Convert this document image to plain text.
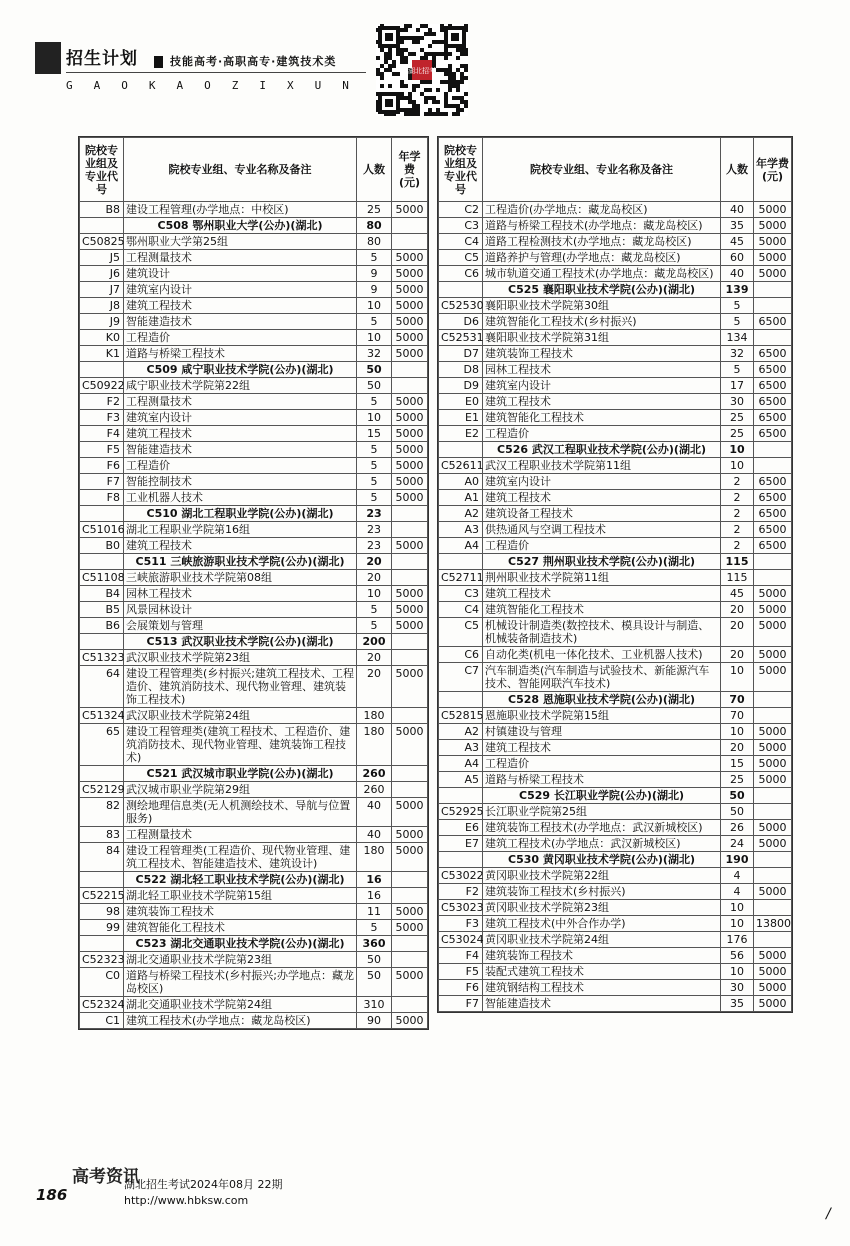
招生计划	技能高考·高职高专·建筑技术类
GAOKAOZIXUN
湖北招考
院校专业组及专业代号	院校专业组、专业名称及备注	人数	年学费(元)
B8	建设工程管理(办学地点：中校区)	25	5000
	C508 鄂州职业大学(公办)(湖北)	80	
C50825	鄂州职业大学第25组	80	
J5	工程测量技术	5	5000
J6	建筑设计	9	5000
J7	建筑室内设计	9	5000
J8	建筑工程技术	10	5000
J9	智能建造技术	5	5000
K0	工程造价	10	5000
K1	道路与桥梁工程技术	32	5000
	C509 咸宁职业技术学院(公办)(湖北)	50	
C50922	咸宁职业技术学院第22组	50	
F2	工程测量技术	5	5000
F3	建筑室内设计	10	5000
F4	建筑工程技术	15	5000
F5	智能建造技术	5	5000
F6	工程造价	5	5000
F7	智能控制技术	5	5000
F8	工业机器人技术	5	5000
	C510 湖北工程职业学院(公办)(湖北)	23	
C51016	湖北工程职业学院第16组	23	
B0	建筑工程技术	23	5000
	C511 三峡旅游职业技术学院(公办)(湖北)	20	
C51108	三峡旅游职业技术学院第08组	20	
B4	园林工程技术	10	5000
B5	风景园林设计	5	5000
B6	会展策划与管理	5	5000
	C513 武汉职业技术学院(公办)(湖北)	200	
C51323	武汉职业技术学院第23组	20	
64	建设工程管理类(乡村振兴;建筑工程技术、工程造价、建筑消防技术、现代物业管理、建筑装饰工程技术)	20	5000
C51324	武汉职业技术学院第24组	180	
65	建设工程管理类(建筑工程技术、工程造价、建筑消防技术、现代物业管理、建筑装饰工程技术)	180	5000
	C521 武汉城市职业学院(公办)(湖北)	260	
C52129	武汉城市职业学院第29组	260	
82	测绘地理信息类(无人机测绘技术、导航与位置服务)	40	5000
83	工程测量技术	40	5000
84	建设工程管理类(工程造价、现代物业管理、建筑工程技术、智能建造技术、建筑设计)	180	5000
	C522 湖北轻工职业技术学院(公办)(湖北)	16	
C52215	湖北轻工职业技术学院第15组	16	
98	建筑装饰工程技术	11	5000
99	建筑智能化工程技术	5	5000
	C523 湖北交通职业技术学院(公办)(湖北)	360	
C52323	湖北交通职业技术学院第23组	50	
C0	道路与桥梁工程技术(乡村振兴;办学地点：藏龙岛校区)	50	5000
C52324	湖北交通职业技术学院第24组	310	
C1	建筑工程技术(办学地点：藏龙岛校区)	90	5000
院校专业组及专业代号	院校专业组、专业名称及备注	人数	年学费(元)
C2	工程造价(办学地点：藏龙岛校区)	40	5000
C3	道路与桥梁工程技术(办学地点：藏龙岛校区)	35	5000
C4	道路工程检测技术(办学地点：藏龙岛校区)	45	5000
C5	道路养护与管理(办学地点：藏龙岛校区)	60	5000
C6	城市轨道交通工程技术(办学地点：藏龙岛校区)	40	5000
	C525 襄阳职业技术学院(公办)(湖北)	139	
C52530	襄阳职业技术学院第30组	5	
D6	建筑智能化工程技术(乡村振兴)	5	6500
C52531	襄阳职业技术学院第31组	134	
D7	建筑装饰工程技术	32	6500
D8	园林工程技术	5	6500
D9	建筑室内设计	17	6500
E0	建筑工程技术	30	6500
E1	建筑智能化工程技术	25	6500
E2	工程造价	25	6500
	C526 武汉工程职业技术学院(公办)(湖北)	10	
C52611	武汉工程职业技术学院第11组	10	
A0	建筑室内设计	2	6500
A1	建筑工程技术	2	6500
A2	建筑设备工程技术	2	6500
A3	供热通风与空调工程技术	2	6500
A4	工程造价	2	6500
	C527 荆州职业技术学院(公办)(湖北)	115	
C52711	荆州职业技术学院第11组	115	
C3	建筑工程技术	45	5000
C4	建筑智能化工程技术	20	5000
C5	机械设计制造类(数控技术、模具设计与制造、机械装备制造技术)	20	5000
C6	自动化类(机电一体化技术、工业机器人技术)	20	5000
C7	汽车制造类(汽车制造与试验技术、新能源汽车技术、智能网联汽车技术)	10	5000
	C528 恩施职业技术学院(公办)(湖北)	70	
C52815	恩施职业技术学院第15组	70	
A2	村镇建设与管理	10	5000
A3	建筑工程技术	20	5000
A4	工程造价	15	5000
A5	道路与桥梁工程技术	25	5000
	C529 长江职业学院(公办)(湖北)	50	
C52925	长江职业学院第25组	50	
E6	建筑装饰工程技术(办学地点：武汉新城校区)	26	5000
E7	建筑工程技术(办学地点：武汉新城校区)	24	5000
	C530 黄冈职业技术学院(公办)(湖北)	190	
C53022	黄冈职业技术学院第22组	4	
F2	建筑装饰工程技术(乡村振兴)	4	5000
C53023	黄冈职业技术学院第23组	10	
F3	建筑工程技术(中外合作办学)	10	13800
C53024	黄冈职业技术学院第24组	176	
F4	建筑装饰工程技术	56	5000
F5	装配式建筑工程技术	10	5000
F6	建筑钢结构工程技术	30	5000
F7	智能建造技术	35	5000
186
高考资讯
湖北招生考试2024年08月 22期
http://www.hbksw.com
/
